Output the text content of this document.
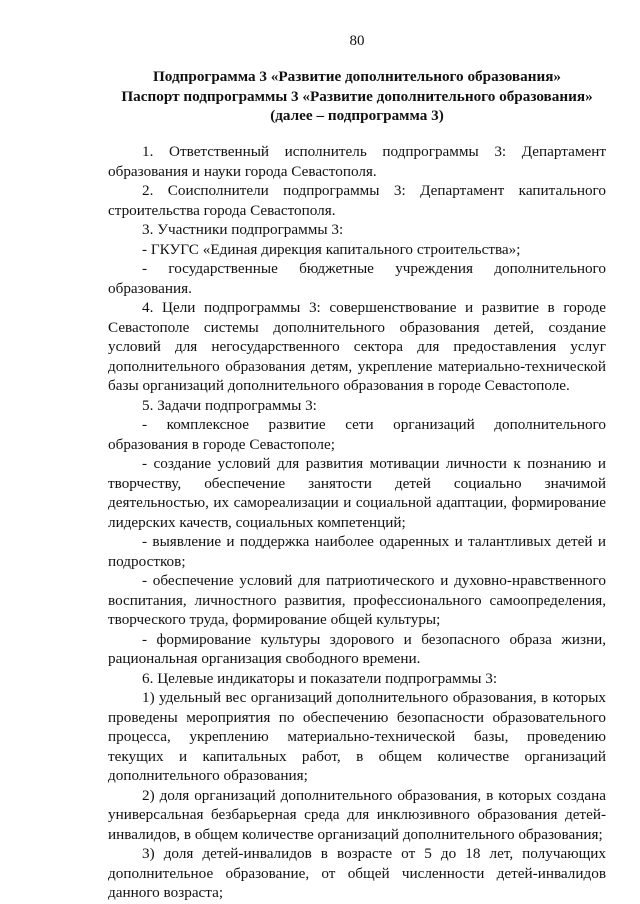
80
Подпрограмма 3 «Развитие дополнительного образования»
Паспорт подпрограммы 3 «Развитие дополнительного образования»
(далее – подпрограмма 3)

1. Ответственный исполнитель подпрограммы 3: Департамент образования и науки города Севастополя.

2. Соисполнители подпрограммы 3: Департамент капитального строительства города Севастополя.

3. Участники подпрограммы 3:

- ГКУГС «Единая дирекция капитального строительства»;

- государственные бюджетные учреждения дополнительного образования.

4. Цели подпрограммы 3: совершенствование и развитие в городе Севастополе системы дополнительного образования детей, создание условий для негосударственного сектора для предоставления услуг дополнительного образования детям, укрепление материально-технической базы организаций дополнительного образования в городе Севастополе.

5. Задачи подпрограммы 3:

- комплексное развитие сети организаций дополнительного образования в городе Севастополе;

- создание условий для развития мотивации личности к познанию и творчеству, обеспечение занятости детей социально значимой деятельностью, их самореализации и социальной адаптации, формирование лидерских качеств, социальных компетенций;

- выявление и поддержка наиболее одаренных и талантливых детей и подростков;

- обеспечение условий для патриотического и духовно-нравственного воспитания, личностного развития, профессионального самоопределения, творческого труда, формирование общей культуры;

- формирование культуры здорового и безопасного образа жизни, рациональная организация свободного времени.

6. Целевые индикаторы и показатели подпрограммы 3:

1) удельный вес организаций дополнительного образования, в которых проведены мероприятия по обеспечению безопасности образовательного процесса, укреплению материально-технической базы, проведению текущих и капитальных работ, в общем количестве организаций дополнительного образования;

2) доля организаций дополнительного образования, в которых создана универсальная безбарьерная среда для инклюзивного образования детей-инвалидов, в общем количестве организаций дополнительного образования;

3) доля детей-инвалидов в возрасте от 5 до 18 лет, получающих дополнительное образование, от общей численности детей-инвалидов данного возраста;
